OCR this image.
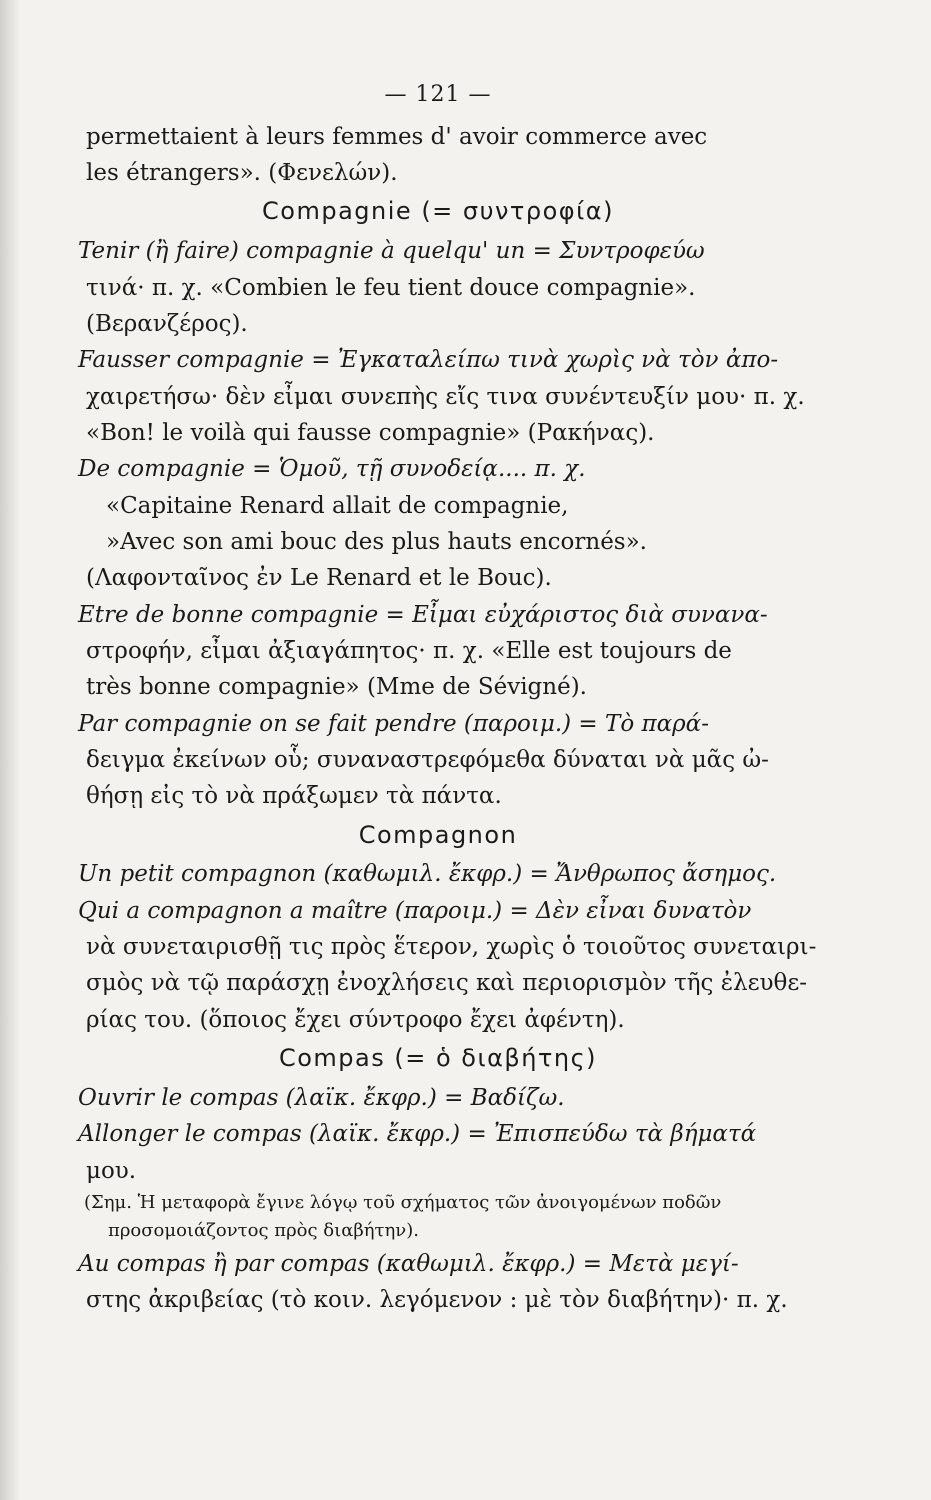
— 121 —
permettaient à leurs femmes d' avoir commerce avec
les étrangers». (Φενελών).
Compagnie (= συντροφία)
Tenir (ἢ faire) compagnie à quelqu' un = Συντροφεύω
τινά· π. χ. «Combien le feu tient douce compagnie».
(Βερανζέρος).
Fausser compagnie = Ἐγκαταλείπω τινὰ χωρὶς νὰ τὸν ἀπο-
χαιρετήσω· δὲν εἶμαι συνεπὴς εἴς τινα συνέντευξίν μου· π. χ.
«Bon! le voilà qui fausse compagnie» (Ρακήνας).
De compagnie = Ὁμοῦ, τῇ συνοδείᾳ.... π. χ.
«Capitaine Renard allait de compagnie,
»Avec son ami bouc des plus hauts encornés».
(Λαφονταῖνος ἐν Le Renard et le Bouc).
Etre de bonne compagnie = Εἶμαι εὐχάριστος διὰ συνανα-
στροφήν, εἶμαι ἀξιαγάπητος· π. χ. «Elle est toujours de
très bonne compagnie» (Mme de Sévigné).
Par compagnie on se fait pendre (παροιμ.) = Τὸ παρά-
δειγμα ἐκείνων οὗ; συναναστρεφόμεθα δύναται νὰ μᾶς ὠ-
θήσῃ εἰς τὸ νὰ πράξωμεν τὰ πάντα.
Compagnon
Un petit compagnon (καθωμιλ. ἔκφρ.) = Ἄνθρωπος ἄσημος.
Qui a compagnon a maître (παροιμ.) = Δὲν εἶναι δυνατὸν
νὰ συνεταιρισθῇ τις πρὸς ἕτερον, χωρὶς ὁ τοιοῦτος συνεταιρι-
σμὸς νὰ τῷ παράσχῃ ἐνοχλήσεις καὶ περιορισμὸν τῆς ἐλευθε-
ρίας του. (ὅποιος ἔχει σύντροφο ἔχει ἀφέντη).
Compas (= ὁ διαβήτης)
Ouvrir le compas (λαϊκ. ἔκφρ.) = Βαδίζω.
Allonger le compas (λαϊκ. ἔκφρ.) = Ἐπισπεύδω τὰ βήματά
μου.
(Σημ. Ἡ μεταφορὰ ἔγινε λόγῳ τοῦ σχήματος τῶν ἀνοιγομένων ποδῶν
προσομοιάζοντος πρὸς διαβήτην).
Au compas ἢ par compas (καθωμιλ. ἔκφρ.) = Μετὰ μεγί-
στης ἀκριβείας (τὸ κοιν. λεγόμενον : μὲ τὸν διαβήτην)· π. χ.
